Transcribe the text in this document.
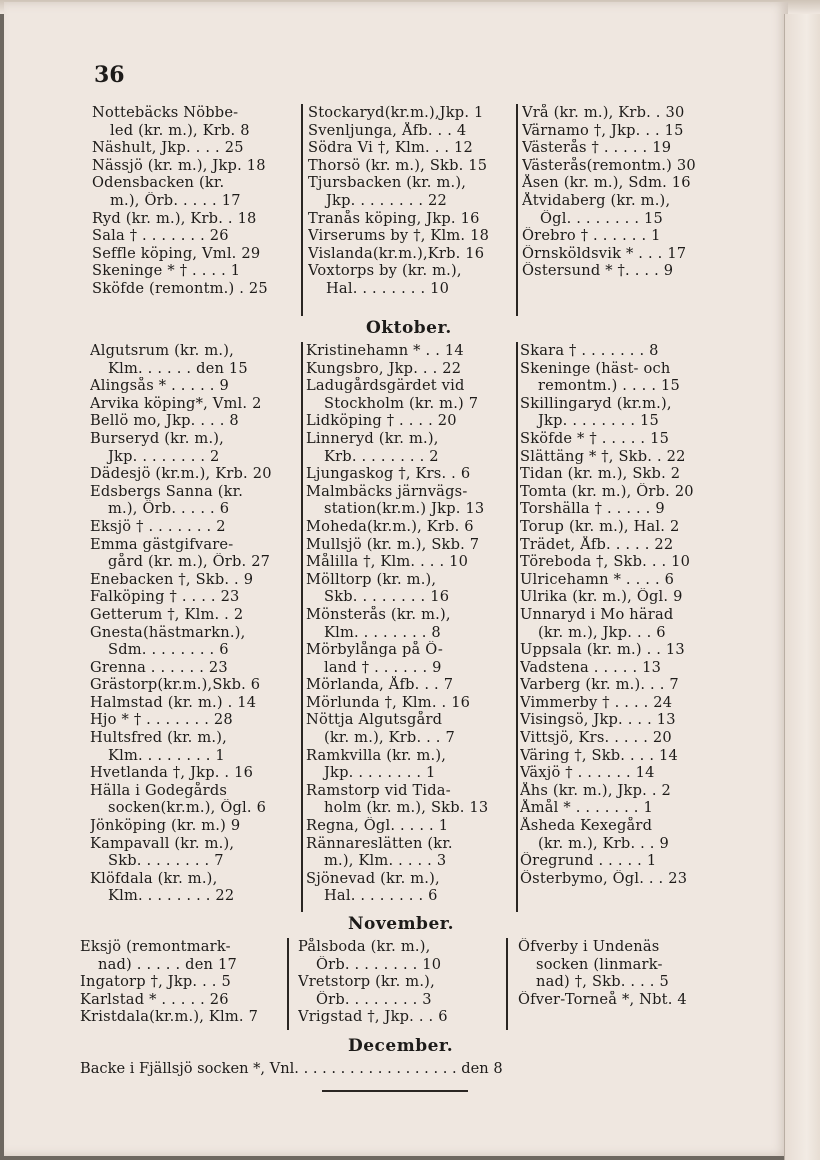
36
Nottebäcks Nöbbe-
led (kr. m.), Krb. 8
Näshult, Jkp. . . . 25
Nässjö (kr. m.), Jkp. 18
Odensbacken (kr.
m.), Örb. . . . . 17
Ryd (kr. m.), Krb. . 18
Sala † . . . . . . . 26
Seffle köping, Vml. 29
Skeninge * † . . . . 1
Sköfde (remontm.) . 25
Stockaryd(kr.m.),Jkp. 1
Svenljunga, Åfb. . . 4
Södra Vi †, Klm. . . 12
Thorsö (kr. m.), Skb. 15
Tjursbacken (kr. m.),
Jkp. . . . . . . . 22
Tranås köping, Jkp. 16
Virserums by †, Klm. 18
Vislanda(kr.m.),Krb. 16
Voxtorps by (kr. m.),
Hal. . . . . . . . 10
Vrå (kr. m.), Krb. . 30
Värnamo †, Jkp. . . 15
Västerås † . . . . . 19
Västerås(remontm.) 30
Åsen (kr. m.), Sdm. 16
Åtvidaberg (kr. m.),
Ögl. . . . . . . . 15
Örebro † . . . . . . 1
Örnsköldsvik * . . . 17
Östersund * †. . . . 9
Oktober.
Algutsrum (kr. m.),
Klm. . . . . . den 15
Alingsås * . . . . . 9
Arvika köping*, Vml. 2
Bellö mo, Jkp. . . . 8
Burseryd (kr. m.),
Jkp. . . . . . . . 2
Dädesjö (kr.m.), Krb. 20
Edsbergs Sanna (kr.
m.), Örb. . . . . 6
Eksjö † . . . . . . . 2
Emma gästgifvare-
gård (kr. m.), Örb. 27
Enebacken †, Skb. . 9
Falköping † . . . . 23
Getterum †, Klm. . 2
Gnesta(hästmarkn.),
Sdm. . . . . . . . 6
Grenna . . . . . . 23
Grästorp(kr.m.),Skb. 6
Halmstad (kr. m.) . 14
Hjo * † . . . . . . . 28
Hultsfred (kr. m.),
Klm. . . . . . . . 1
Hvetlanda †, Jkp. . 16
Hälla i Godegårds
socken(kr.m.), Ögl. 6
Jönköping (kr. m.) 9
Kampavall (kr. m.),
Skb. . . . . . . . 7
Klöfdala (kr. m.),
Klm. . . . . . . . 22
Kristinehamn * . . 14
Kungsbro, Jkp. . . 22
Ladugårdsgärdet vid
Stockholm (kr. m.) 7
Lidköping † . . . . 20
Linneryd (kr. m.),
Krb. . . . . . . . 2
Ljungaskog †, Krs. . 6
Malmbäcks järnvägs-
station(kr.m.) Jkp. 13
Moheda(kr.m.), Krb. 6
Mullsjö (kr. m.), Skb. 7
Målilla †, Klm. . . . 10
Mölltorp (kr. m.),
Skb. . . . . . . . 16
Mönsterås (kr. m.),
Klm. . . . . . . . 8
Mörbylånga på Ö-
land † . . . . . . 9
Mörlanda, Åfb. . . 7
Mörlunda †, Klm. . 16
Nöttja Algutsgård
(kr. m.), Krb. . . 7
Ramkvilla (kr. m.),
Jkp. . . . . . . . 1
Ramstorp vid Tida-
holm (kr. m.), Skb. 13
Regna, Ögl. . . . . 1
Rännareslätten (kr.
m.), Klm. . . . . 3
Sjönevad (kr. m.),
Hal. . . . . . . . 6
Skara † . . . . . . . 8
Skeninge (häst- och
remontm.) . . . . 15
Skillingaryd (kr.m.),
Jkp. . . . . . . . 15
Sköfde * † . . . . . 15
Slättäng * †, Skb. . 22
Tidan (kr. m.), Skb. 2
Tomta (kr. m.), Örb. 20
Torshälla † . . . . . 9
Torup (kr. m.), Hal. 2
Trädet, Åfb. . . . . 22
Töreboda †, Skb. . . 10
Ulricehamn * . . . . 6
Ulrika (kr. m.), Ögl. 9
Unnaryd i Mo härad
(kr. m.), Jkp. . . 6
Uppsala (kr. m.) . . 13
Vadstena . . . . . 13
Varberg (kr. m.). . . 7
Vimmerby † . . . . 24
Visingsö, Jkp. . . . 13
Vittsjö, Krs. . . . . 20
Väring †, Skb. . . . 14
Växjö † . . . . . . 14
Åhs (kr. m.), Jkp. . 2
Åmål * . . . . . . . 1
Åsheda Kexegård
(kr. m.), Krb. . . 9
Öregrund . . . . . 1
Österbymo, Ögl. . . 23
November.
Eksjö (remontmark-
nad) . . . . . den 17
Ingatorp †, Jkp. . . 5
Karlstad * . . . . . 26
Kristdala(kr.m.), Klm. 7
Pålsboda (kr. m.),
Örb. . . . . . . . 10
Vretstorp (kr. m.),
Örb. . . . . . . . 3
Vrigstad †, Jkp. . . 6
Öfverby i Undenäs
socken (linmark-
nad) †, Skb. . . . 5
Öfver-Torneå *, Nbt. 4
December.
Backe i Fjällsjö socken *, Vnl. . . . . . . . . . . . . . . . . . den 8
